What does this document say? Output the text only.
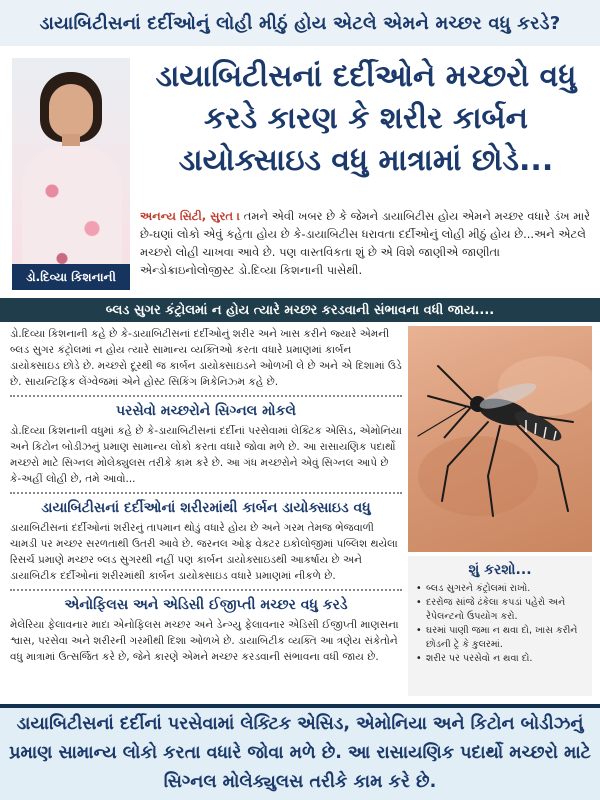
ડાયાબિટીસનાં દર્દીઓનું લોહી મીઠું હોય એટલે એમને મચ્છર વધુ કરડે?
ડો.દિવ્યા કિશનાની
ડાયાબિટીસનાં દર્દીઓને મચ્છરો વધુ કરડે કારણ કે શરીર કાર્બન ડાયોક્સાઇડ વધુ માત્રામાં છોડે...
અનન્ય સિટી, સુરત । તમને એવી ખબર છે કે જેમને ડાયાબિટીસ હોય એમને મચ્છર વધારે ડંખ મારે છે-ઘણાં લોકો એવું કહેતા હોય છે કે-ડાયાબિટીસ ધરાવતા દર્દીઓનું લોહી મીઠું હોય છે...અને એટલે મચ્છરો લોહી ચાખવા આવે છે. પણ વાસ્તવિકતા શું છે એ વિશે જાણીએ જાણીતા એન્ડોક્રાઇનોલોજીસ્ટ ડો.દિવ્યા કિશનાની પાસેથી.
બ્લડ સુગર કંટ્રોલમાં ન હોય ત્યારે મચ્છર કરડવાની સંભાવના વધી જાય....

ડો.દિવ્યા કિશનાની કહે છે કે-ડાયાબિટીસનાં દર્દીઓનું શરીર અને ખાસ કરીને જ્યારે એમની બ્લડ સુગર કંટ્રોલમાં ન હોય ત્યારે સામાન્ય વ્યક્તિઓ કરતા વધારે પ્રમાણમાં કાર્બન ડાયોક્સાઇડ છોડે છે. મચ્છરો દૂરથી જ કાર્બન ડાયોક્સાઇડને ઓળખી લે છે અને એ દિશામાં ઉડે છે. સાયન્ટિફિક લેંગ્વેજમાં એને હોસ્ટ સિકિંગ મિકેનિઝ્મ કહે છે.

પરસેવો મચ્છરોને સિગ્નલ મોકલે

ડો.દિવ્યા કિશનાની વધુમાં કહે છે કે-ડાયાબિટીસનાં દર્દીનાં પરસેવામાં લેક્ટિક એસિડ, એમોનિયા અને કિટોન બોડીઝનું પ્રમાણ સામાન્ય લોકો કરતા વધારે જોવા મળે છે. આ રાસાયણિક પદાર્થો મચ્છરો માટે સિગ્નલ મોલેક્યુલસ તરીકે કામ કરે છે. આ ગંધ મચ્છરોને એવું સિગ્નલ આપે છે કે-અહીં લોહી છે, તમે આવો...

ડાયાબિટીસનાં દર્દીઓનાં શરીરમાંથી કાર્બન ડાયોક્સાઇડ વધુ

ડાયાબિટીસનાં દર્દીઓનાં શરીરનું તાપમાન થોડું વધારે હોય છે અને ગરમ તેમજ ભેજવાળી ચામડી પર મચ્છર સરળતાથી ઉતરી આવે છે. જરનલ ઓફ વેક્ટર ઇકોલોજીમાં પબ્લિશ થયેલા રિસર્ચ પ્રમાણે મચ્છર બ્લડ સુગરથી નહીં પણ કાર્બન ડાયોક્સાઇડથી આકર્ષાય છે અને ડાયાબિટીક દર્દીઓનાં શરીરમાંથી કાર્બન ડાયોક્સાઇડ વધારે પ્રમાણમાં નીકળે છે.

એનોફિલસ અને એડિસી ઈજીપ્તી મચ્છર વધુ કરડે

મેલેરિયા ફેલાવનાર માદા એનોફિલસ મચ્છર અને ડેન્ગ્યુ ફેલાવનાર એડિસી ઈજીપ્તી માણસના શ્વાસ, પરસેવા અને શરીરની ગરમીથી દિશા ઓળખે છે. ડાયાબિટીક વ્યક્તિ આ ત્રણેય સંકેતોને વધુ માત્રામાં ઉત્સર્જિત કરે છે, જેને કારણે એમને મચ્છર કરડવાની સંભાવના વધી જાય છે.

શું કરશો...
• બ્લડ સુગરને કંટ્રોલમાં રાખો.
• દરરોજ સાંજે ઢંકેલા કપડાં પહેરો અને રેપેલન્ટનો ઉપયોગ કરો.
• ઘરમાં પાણી જમા ન થવા દો, ખાસ કરીને છોડની ટ્રે કે કુલરમાં.
• શરીર પર પરસેવો ન થવા દો.
ડાયાબિટીસનાં દર્દીનાં પરસેવામાં લેક્ટિક એસિડ, એમોનિયા અને કિટોન બોડીઝનું પ્રમાણ સામાન્ય લોકો કરતા વધારે જોવા મળે છે. આ રાસાયણિક પદાર્થો મચ્છરો માટે સિગ્નલ મોલેક્યુલસ તરીકે કામ કરે છે.
